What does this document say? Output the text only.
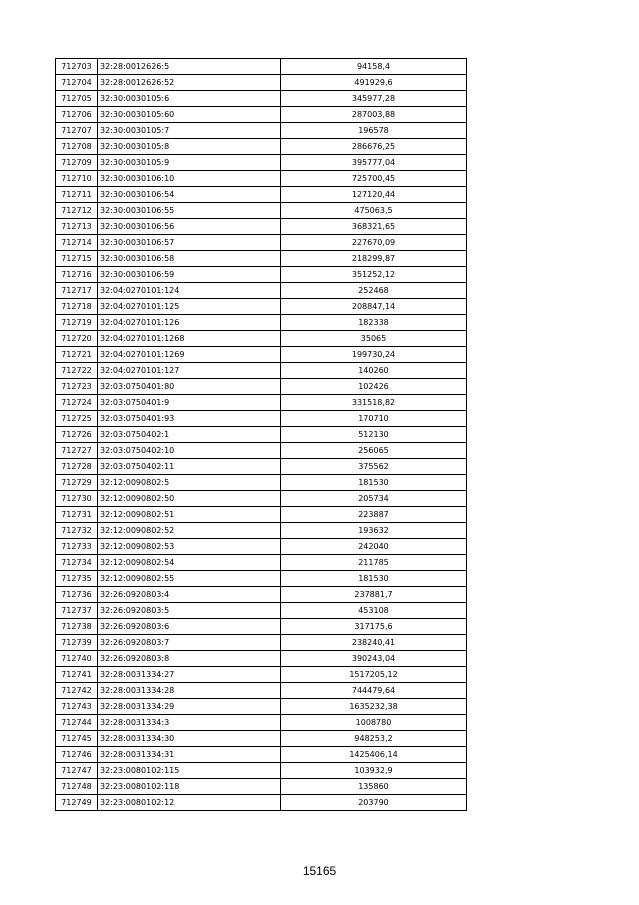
712703	32:28:0012626:5	94158,4
712704	32:28:0012626:52	491929,6
712705	32:30:0030105:6	345977,28
712706	32:30:0030105:60	287003,88
712707	32:30:0030105:7	196578
712708	32:30:0030105:8	286676,25
712709	32:30:0030105:9	395777,04
712710	32:30:0030106:10	725700,45
712711	32:30:0030106:54	127120,44
712712	32:30:0030106:55	475063,5
712713	32:30:0030106:56	368321,65
712714	32:30:0030106:57	227670,09
712715	32:30:0030106:58	218299,87
712716	32:30:0030106:59	351252,12
712717	32:04:0270101:124	252468
712718	32:04:0270101:125	208847,14
712719	32:04:0270101:126	182338
712720	32:04:0270101:1268	35065
712721	32:04:0270101:1269	199730,24
712722	32:04:0270101:127	140260
712723	32:03:0750401:80	102426
712724	32:03:0750401:9	331518,82
712725	32:03:0750401:93	170710
712726	32:03:0750402:1	512130
712727	32:03:0750402:10	256065
712728	32:03:0750402:11	375562
712729	32:12:0090802:5	181530
712730	32:12:0090802:50	205734
712731	32:12:0090802:51	223887
712732	32:12:0090802:52	193632
712733	32:12:0090802:53	242040
712734	32:12:0090802:54	211785
712735	32:12:0090802:55	181530
712736	32:26:0920803:4	237881,7
712737	32:26:0920803:5	453108
712738	32:26:0920803:6	317175,6
712739	32:26:0920803:7	238240,41
712740	32:26:0920803:8	390243,04
712741	32:28:0031334:27	1517205,12
712742	32:28:0031334:28	744479,64
712743	32:28:0031334:29	1635232,38
712744	32:28:0031334:3	1008780
712745	32:28:0031334:30	948253,2
712746	32:28:0031334:31	1425406,14
712747	32:23:0080102:115	103932,9
712748	32:23:0080102:118	135860
712749	32:23:0080102:12	203790
15165
